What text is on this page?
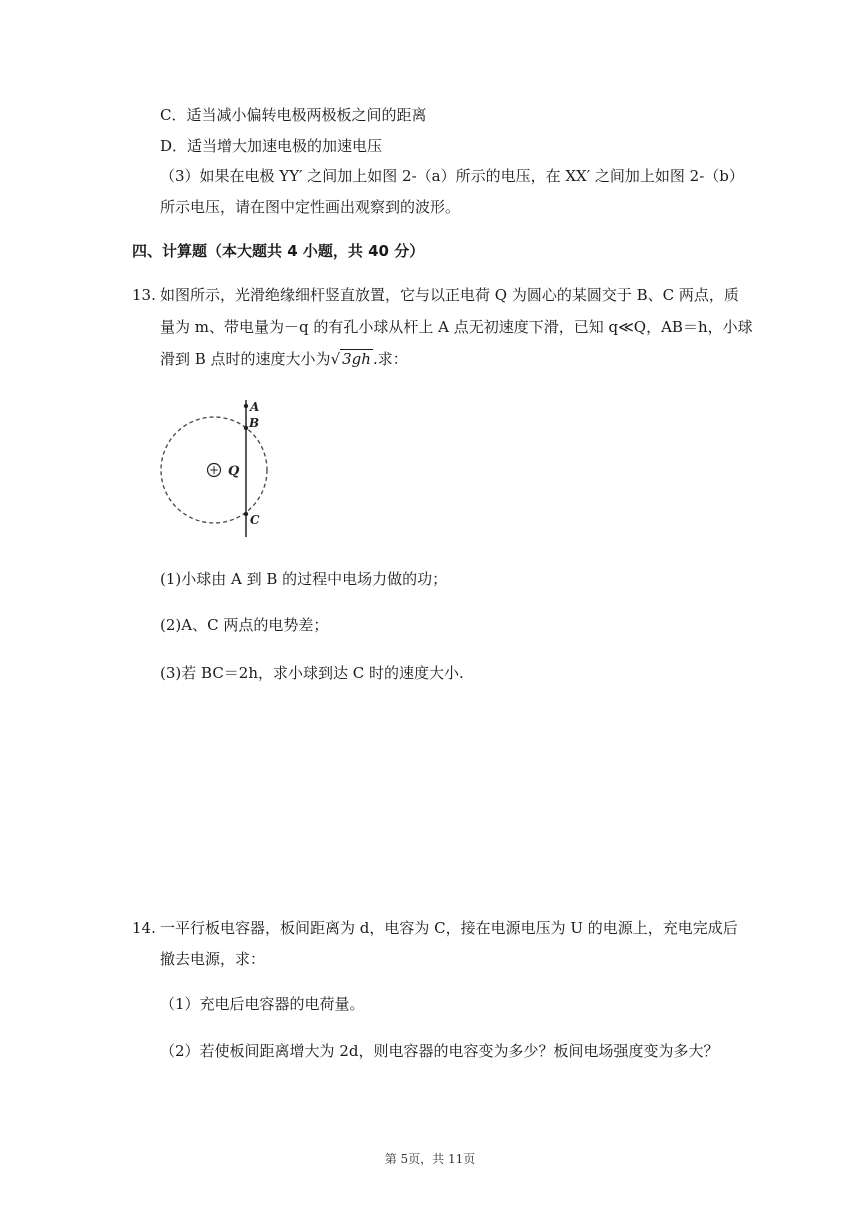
C．适当减小偏转电极两极板之间的距离
D．适当增大加速电极的加速电压
（3）如果在电极 YY′ 之间加上如图 2-（a）所示的电压，在 XX′ 之间加上如图 2-（b）
所示电压，请在图中定性画出观察到的波形。
四、计算题（本大题共 4 小题，共 40 分）
13. 如图所示，光滑绝缘细杆竖直放置，它与以正电荷 Q 为圆心的某圆交于 B、C 两点，质
量为 m、带电量为－q 的有孔小球从杆上 A 点无初速度下滑，已知 q≪Q，AB＝h，小球
滑到 B 点时的速度大小为√ 3gh .求：
+ Q
A
B
C
(1)小球由 A 到 B 的过程中电场力做的功；
(2)A、C 两点的电势差；
(3)若 BC＝2h，求小球到达 C 时的速度大小.
14. 一平行板电容器，板间距离为 d，电容为 C，接在电源电压为 U 的电源上，充电完成后
撤去电源，求：
（1）充电后电容器的电荷量。
（2）若使板间距离增大为 2d，则电容器的电容变为多少？板间电场强度变为多大？
第 5页，共 11页
